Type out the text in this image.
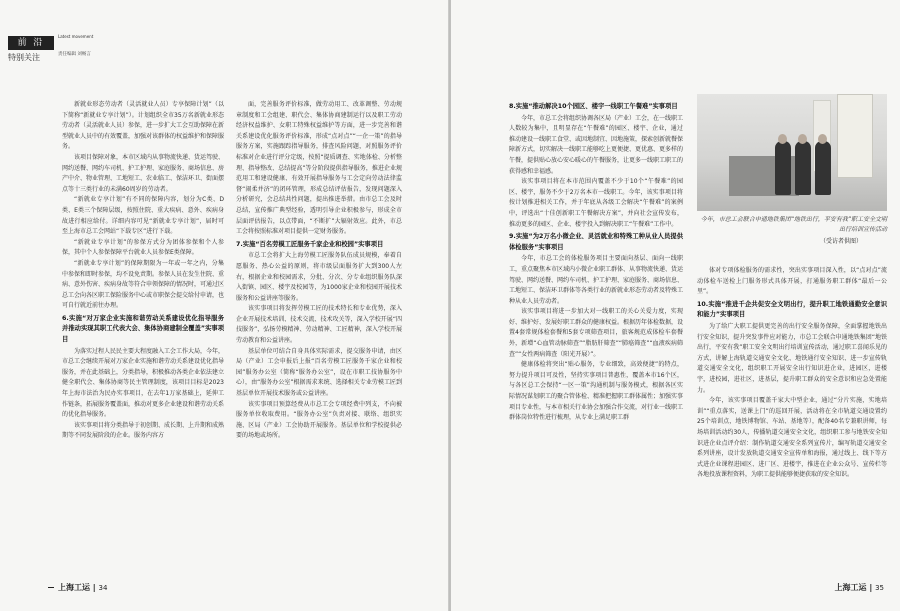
前 沿
Latest movement
特别关注	责任编辑 刘畅言

新就业形态劳动者（灵活就业人员）专享保障计划”（以下简称“新就业专享计划”）。计划组织全市35万名新就业形态劳动者（灵活就业人员）参保，进一步扩大工会互助保障在新型就业人员中的有效覆盖，加强对该群体的权益维护和保障服务。

该项目保障对象，本市区域内从事物流快递、货运驾驶、网约送餐、网约车司机、护工护理、家庭服务、商场信息、房产中介、物业管理、工地短工、农业临工、保洁环卫、街面摆点等十三类行业的未满60周岁的劳动者。

“新就业专享计划”有不同的保障内容，划分为C类、D类、E类三个保障层级，按照住院、重大疾病、意外、疾病身故进行相应给付。详细内容可见“新就业专享计划”，届时可至上海市总工会网站“下载专区”进行下载。

“新就业专享计划”的参保方式分为团体参保和个人参保，其中个人参保保障平台就业人员参保E类保障。

“新就业专享计划”的保障期限为一年或一年之内，分集中参保和即时参保，均不设免责期。参保人员在发生住院、重病、意外伤害、疾病身故等符合申领保障的情况时，可通过区总工会向各区职工保险服务中心或市职保会提交给付申请，也可自行就近前往办理。

6.实施“对万家企业实施和谐劳动关系建设优化指导服务并推动实现其职工代表大会、集体协商建制全覆盖”实事项目

为落实过程人民民主要大程度融入工会工作大局，今年，市总工会继续开展对万家企业实施和谐劳动关系建设优化指导服务，并在此基础上，分类指导，积极推动各类企业依法建立健全职代会、集体协商等民主管理制度，该项目目标是2023年上海市法治为民办实事项目，在去年1万家基础上，延伸工作链条，拓展服务覆盖面，推动对更多企业建设和谐劳动关系的优化指导服务。

该实事项目将分类指导于初创期、成长期、上升期和成熟期等不同发展阶段的企业。服务内容方

面，完善服务评价标准，做劳动用工、改革调整、劳动规章制度和工会组建、职代会、集体协商建制运行以及职工劳动经济权益维护、女职工特殊权益维护等方面，进一步完善和谐关系建设优化服务评价标准，形成“点对点”“一企一策”的指导服务方案，实施跟踪指导服务，排查风险问题，对照服务评价标准对企业进行评分定级，按照“提质调查、实地体检、分析整理、指导整改、总结提高”等分阶段提供指导服务，推进企业规范用工和建设健康、有效开展指导服务与工会定向劳动法律监督“闹柔并济”的闭环管理，形成总结评估报告，发现问题深入分析研究，会总结共性问题，提出推进举措。由市总工会及时总结，宣传推广典型经验，透明引导企业积极参与，形成全市层面评估报告，以点带面，“不断扩”大辐射效应。此外，市总工会将按照标准对项目提供一定财务服务。

7.实施“百名劳模工匠服务千家企业和校园”实事项目

市总工会将扩大上海劳模工匠服务队伍成员规模，奉着自愿服务、热心公益的原则，将市级层面服务扩大到300人左右，根据企业和校园需求，分批、分次、分专业组织服务队深入街镇、园区、楼宇及校园等，为1000家企业和校园开展技术服务和公益讲座等服务。

该实事项目将发挥劳模工匠的技术特长和专业优势，深入企业开展技术培训、技术交流、技术攻关等，深入学校开展“四技服务”，弘扬劳模精神、劳动精神、工匠精神，深入学校开展劳动教育和公益讲座。

基层单位可结合自身具体实际需求，提交服务申请，由区局（产业）工会申报后上报“百名劳模工匠服务千家企业和校园”服务办公室（简称“服务办公室”，设在市职工技协服务中心），由“服务办公室”根据需求来统、选择相关专业劳模工匠到基层单位开展技术服务或公益讲座。

该实事项目预算经费从市总工会专项经费中列支，不向被服务单位收取费用。“服务办公室”负责对接、联络、组织实施、区局（产业）工会协助开展服务。基层单位和学校提供必要的场地或场所。

上海工运 | 34
8.实施“推动解决10个园区、楼宇一线职工午餐难”实事项目

今年，市总工会将组织协调各区局（产业）工会，在一线职工人数较为集中，且明显存在“午餐难”的园区、楼宇、企业，通过推动建设一线职工食堂、或因地制宜、因地施策，探索创新就餐保障新方式，切实解决一线职工能够吃上更便捷、更优惠、更多样的午餐，提供贴心放心安心暖心的午餐服务，让更多一线职工职工的获得感和幸福感。

该实事项目将在本市范围内覆盖不少于10个“午餐难”的园区、楼宇，服务不少于2万名本市一线职工。今年，该实事项目将按计划推进相关工作，并于年底从各级工会解决“午餐难”的案例中，评选出“十佳创新职工午餐解决方案”，并向社会宣传发布，推动更多的园区、企业、楼宇投入到解决职工“午餐难”工作中。

9.实施“为2万名小微企业、灵活就业和特殊工种从业人员提供体检服务”实事项目

今年，市总工会的体检服务项目主要面向基层、面向一线职工，重点聚焦本市区域内小微企业职工群体、从事物流快递、货运驾驶、网约送餐、网约车司机、护工护理、家庭服务、商场信息、工地短工、保洁环卫群体等各类行业的新就业形态劳动者及特殊工种从业人员劳动者。

该实事项目将进一步加大对一线职工的关心关爱力度，实现好、维护好、发展好职工群众的健康权益。根据历年体检数据，设置4套常规体检套餐和5套专项筛查项目，旅客规范成体检车套餐外，新增“心血管动脉筛查”“脂肪肝筛查”“肺癌筛查”“血液疾病筛查”“女性两病筛查（阳光开展）”。

健康体检将突出“贴心服务，专业细致，高效便捷”的特点，努力提升项目可及性，坚持实事项目普惠性，覆盖本市16个区，与各区总工会保持“一区一策”沟通机制与服务模式，根据各区实际情况谋划职工的聚合管体检、精准把握职工群体属性；加强实事项目专业性，与本市相关行业协会加强合作交流，对行业一线职工群体岗位特性进行梳理，从专业上满足职工群

体对专项体检服务的需求性，突出实事项目深入性，以“点对点”流动体检车送检上门服务形式具体开展，打通服务职工群体“最后一公里”。

10.实施“推进千企共促安全文明出行，提升职工地铁通勤安全意识和能力”实事项目

为了给广大职工提供更完善的出行安全服务保障，全面掌握地铁出行安全知识，提升突发事件应对能力，市总工会联合申通地铁集团“地铁出行，平安有我”职工安全文明出行培训宣传活动，通过职工喜闻乐见的方式，讲解上海轨道交通安全文化、地铁通行安全知识、进一步宣传轨道交通安全文化，组织职工开展安全出行知识进企业，进园区，进楼宇，进校园，进社区，进基层，提升职工群众的安全意识和应急处置能力。

今年，该实事项目覆盖千家大中型企业，通过“分片实施，实地培训”“重点落实，送课上门”的巡回开展，活动将在全市轨道交通设置约25个培训点，地铁博物馆、车站、基地等），配备40名专兼职讲师，每场培训活动约30人，传播轨道交通安全文化，组织职工参与地铁安全知识进企业点评介绍：制作轨道交通安全系列宣传片，编写轨道交通安全系列讲座，设计发放轨道交通安全宣传单和海报，通过线上、线下等方式进企业课程进园区、进厂区、进楼宇，推进在企业公众号、宣传栏等各地投放课程资料，为职工提供能够便捷获取的安全知识。

上海工运 | 35
今年，市总工会联合申通地铁集团“地铁出行，平安有我”职工安全文明出行培训宣传活动
（受访者供图）
